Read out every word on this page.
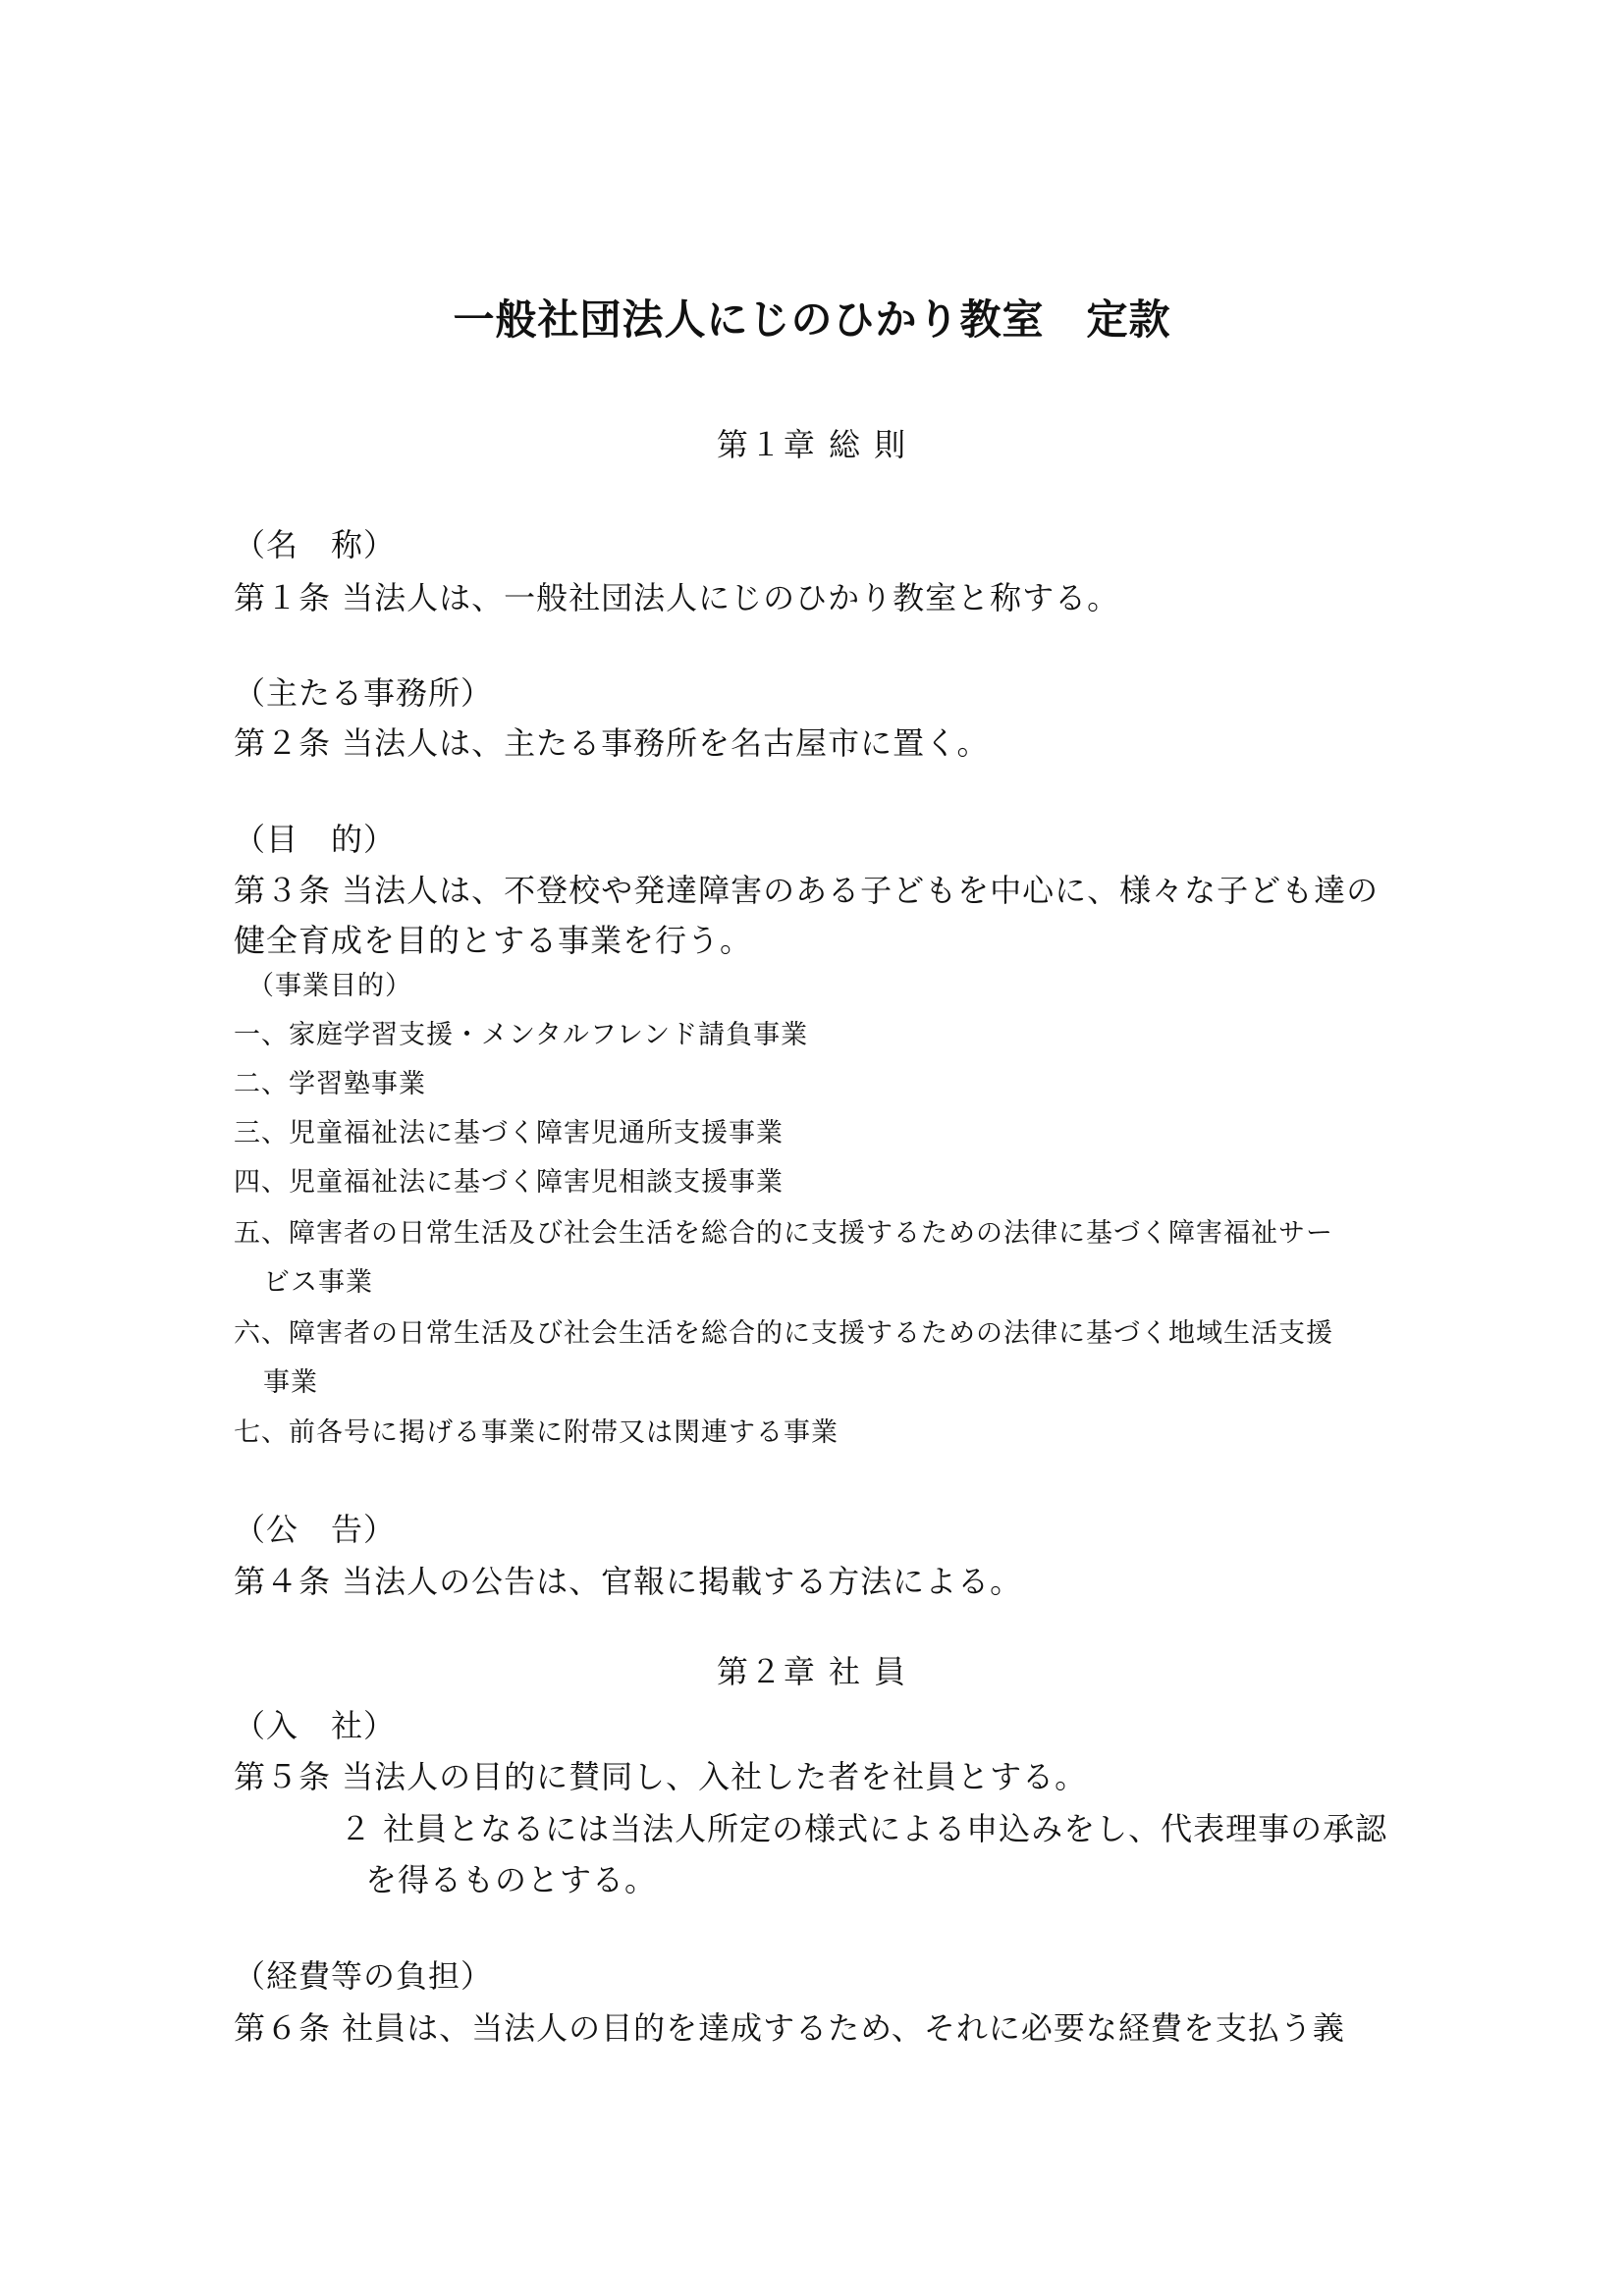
一般社団法人にじのひかり教室　定款
第１章 総 則
（名　称）
第１条 当法人は、一般社団法人にじのひかり教室と称する。
（主たる事務所）
第２条 当法人は、主たる事務所を名古屋市に置く。
（目　的）
第３条 当法人は、不登校や発達障害のある子どもを中心に、様々な子ども達の
健全育成を目的とする事業を行う。
（事業目的）
一、家庭学習支援・メンタルフレンド請負事業
二、学習塾事業
三、児童福祉法に基づく障害児通所支援事業
四、児童福祉法に基づく障害児相談支援事業
五、障害者の日常生活及び社会生活を総合的に支援するための法律に基づく障害福祉サー
ビス事業
六、障害者の日常生活及び社会生活を総合的に支援するための法律に基づく地域生活支援
事業
七、前各号に掲げる事業に附帯又は関連する事業
（公　告）
第４条 当法人の公告は、官報に掲載する方法による。
第２章 社 員
（入　社）
第５条 当法人の目的に賛同し、入社した者を社員とする。
２ 社員となるには当法人所定の様式による申込みをし、代表理事の承認
を得るものとする。
（経費等の負担）
第６条 社員は、当法人の目的を達成するため、それに必要な経費を支払う義
